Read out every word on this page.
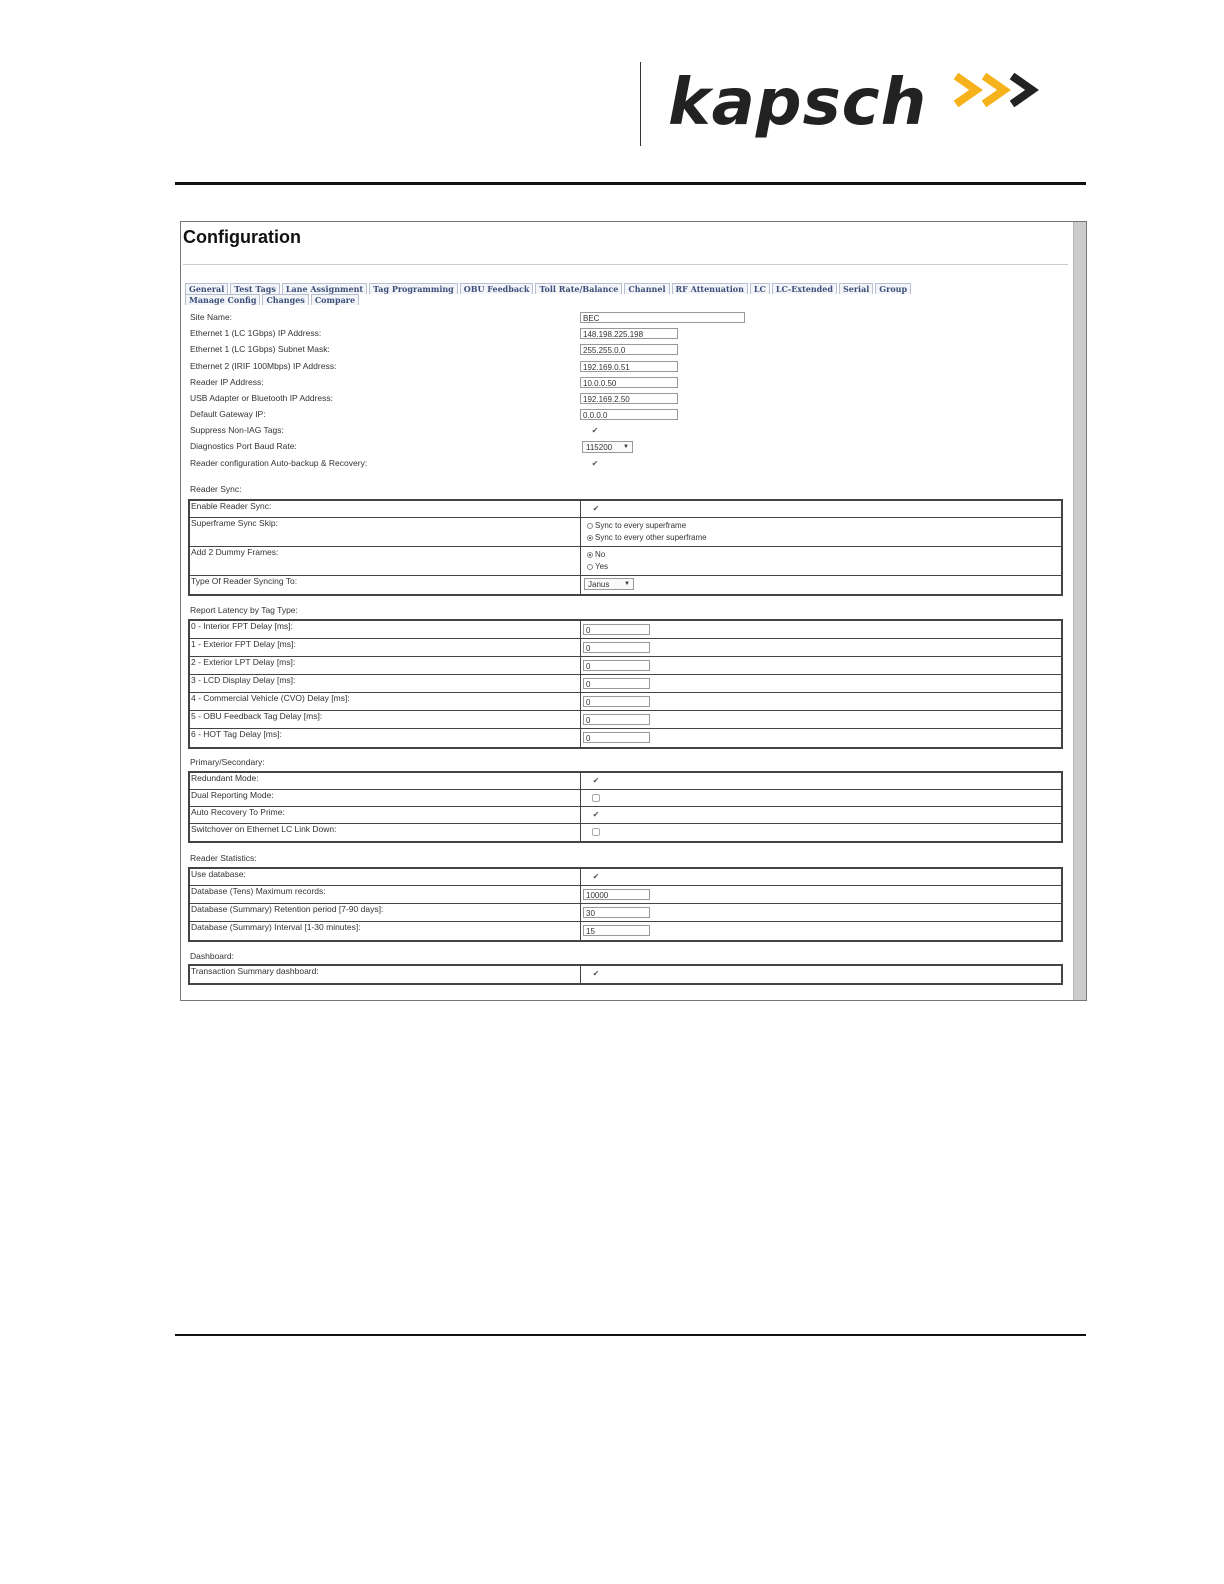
kapsch
Configuration
General Test Tags Lane Assignment Tag Programming OBU Feedback Toll Rate/Balance Channel RF Attenuation LC LC-Extended Serial GroupManage Config Changes Compare
Site Name:	BEC
Ethernet 1 (LC 1Gbps) IP Address:	148.198.225.198
Ethernet 1 (LC 1Gbps) Subnet Mask:	255.255.0.0
Ethernet 2 (IRIF 100Mbps) IP Address:	192.169.0.51
Reader IP Address:	10.0.0.50
USB Adapter or Bluetooth IP Address:	192.169.2.50
Default Gateway IP:	0.0.0.0
Suppress Non-IAG Tags:	✔
Diagnostics Port Baud Rate:	115200 ▼
Reader configuration Auto-backup & Recovery:	✔
Reader Sync:
Enable Reader Sync:	✔
Superframe Sync Skip:	Sync to every superframe
Sync to every other superframe
Add 2 Dummy Frames:	No
Yes
Type Of Reader Syncing To:	Janus ▼
Report Latency by Tag Type:
0 - Interior FPT Delay [ms]:	0
1 - Exterior FPT Delay [ms]:	0
2 - Exterior LPT Delay [ms]:	0
3 - LCD Display Delay [ms]:	0
4 - Commercial Vehicle (CVO) Delay [ms]:	0
5 - OBU Feedback Tag Delay [ms]:	0
6 - HOT Tag Delay [ms]:	0
Primary/Secondary:
Redundant Mode:	✔
Dual Reporting Mode:
Auto Recovery To Prime:	✔
Switchover on Ethernet LC Link Down:
Reader Statistics:
Use database:	✔
Database (Tens) Maximum records:	10000
Database (Summary) Retention period [7-90 days]:	30
Database (Summary) Interval [1-30 minutes]:	15
Dashboard:
Transaction Summary dashboard:	✔
